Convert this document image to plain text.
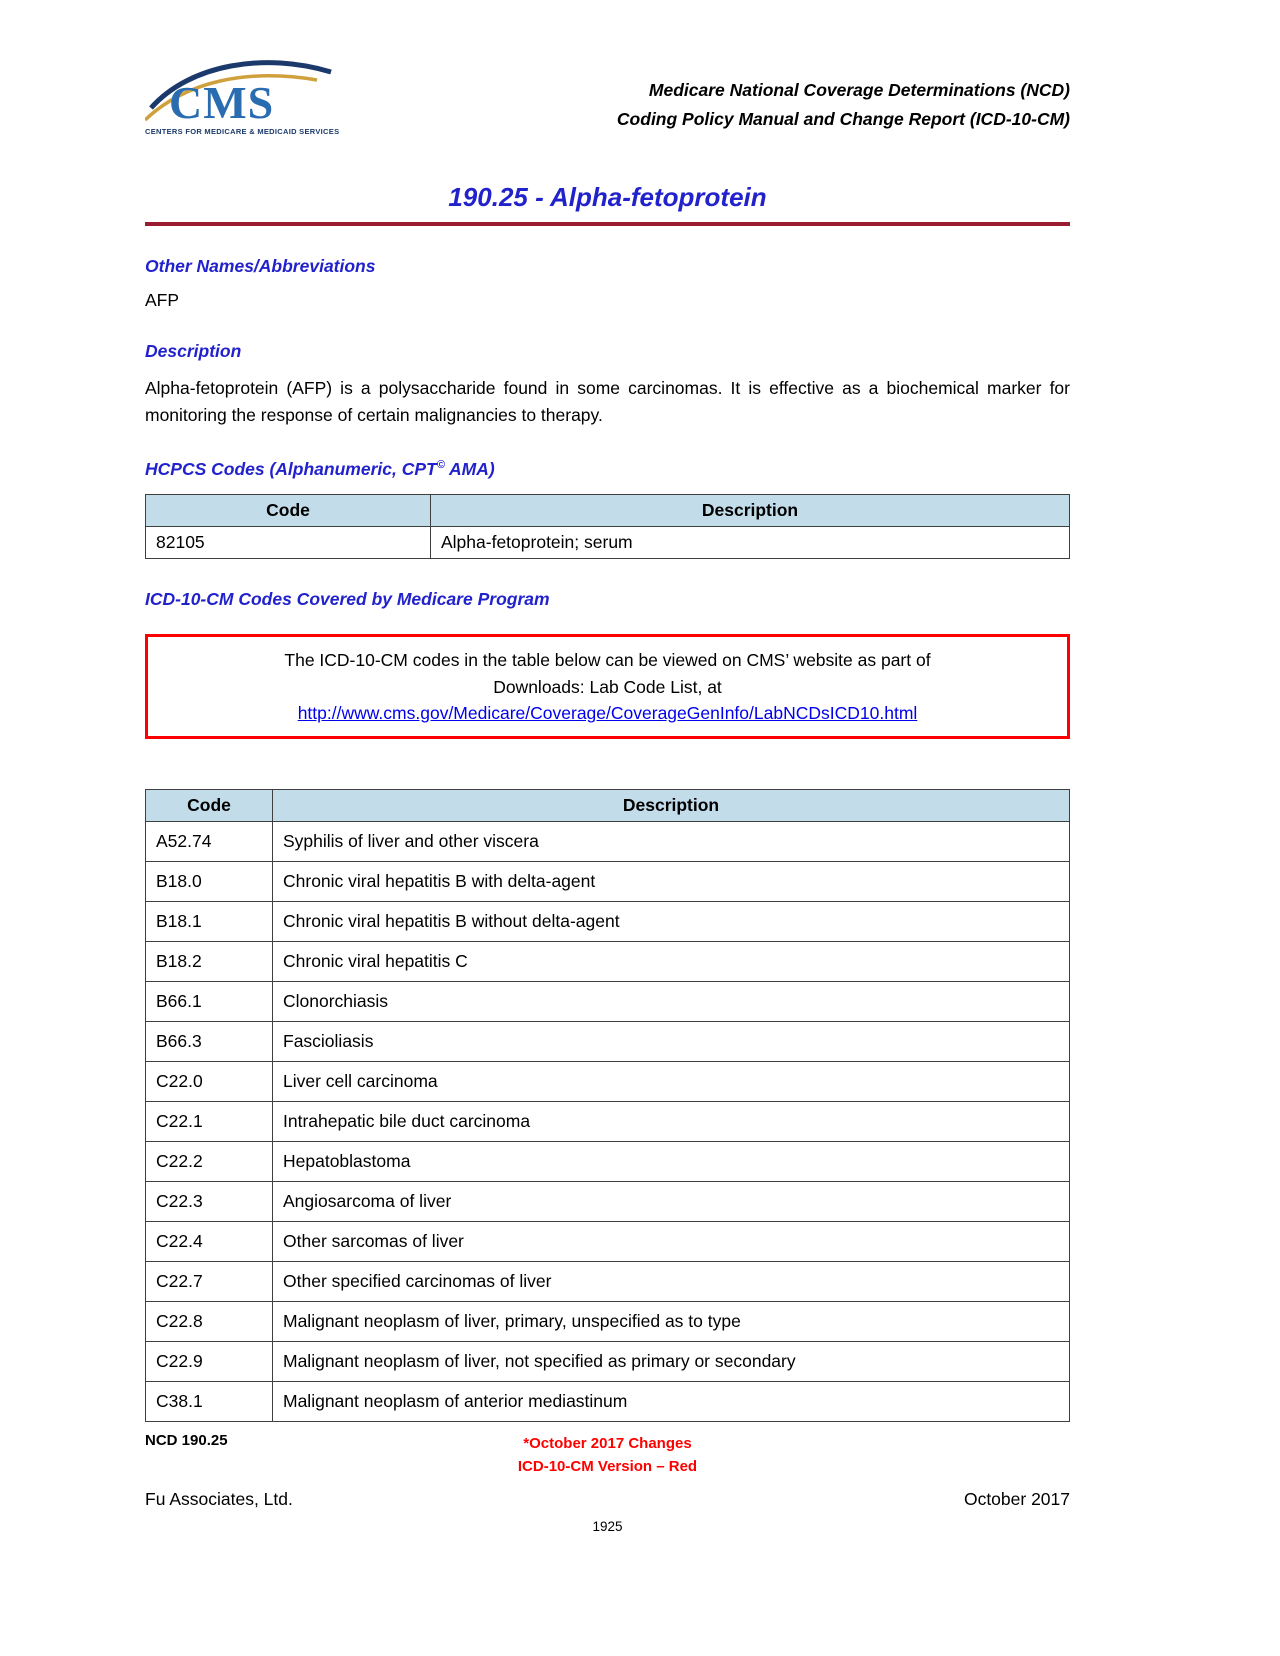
CMS
CENTERS FOR MEDICARE & MEDICAID SERVICES
Medicare National Coverage Determinations (NCD)
Coding Policy Manual and Change Report (ICD-10-CM)
190.25 - Alpha-fetoprotein
Other Names/Abbreviations
AFP
Description
Alpha-fetoprotein (AFP) is a polysaccharide found in some carcinomas. It is effective as a biochemical marker for monitoring the response of certain malignancies to therapy.
HCPCS Codes (Alphanumeric, CPT© AMA)
Code	Description
82105	Alpha-fetoprotein; serum
ICD-10-CM Codes Covered by Medicare Program
The ICD-10-CM codes in the table below can be viewed on CMS’ website as part of
Downloads: Lab Code List, at
http://www.cms.gov/Medicare/Coverage/CoverageGenInfo/LabNCDsICD10.html
Code	Description
A52.74	Syphilis of liver and other viscera
B18.0	Chronic viral hepatitis B with delta-agent
B18.1	Chronic viral hepatitis B without delta-agent
B18.2	Chronic viral hepatitis C
B66.1	Clonorchiasis
B66.3	Fascioliasis
C22.0	Liver cell carcinoma
C22.1	Intrahepatic bile duct carcinoma
C22.2	Hepatoblastoma
C22.3	Angiosarcoma of liver
C22.4	Other sarcomas of liver
C22.7	Other specified carcinomas of liver
C22.8	Malignant neoplasm of liver, primary, unspecified as to type
C22.9	Malignant neoplasm of liver, not specified as primary or secondary
C38.1	Malignant neoplasm of anterior mediastinum
NCD 190.25	*October 2017 Changes
ICD-10-CM Version – Red
Fu Associates, Ltd.	October 2017
1925
